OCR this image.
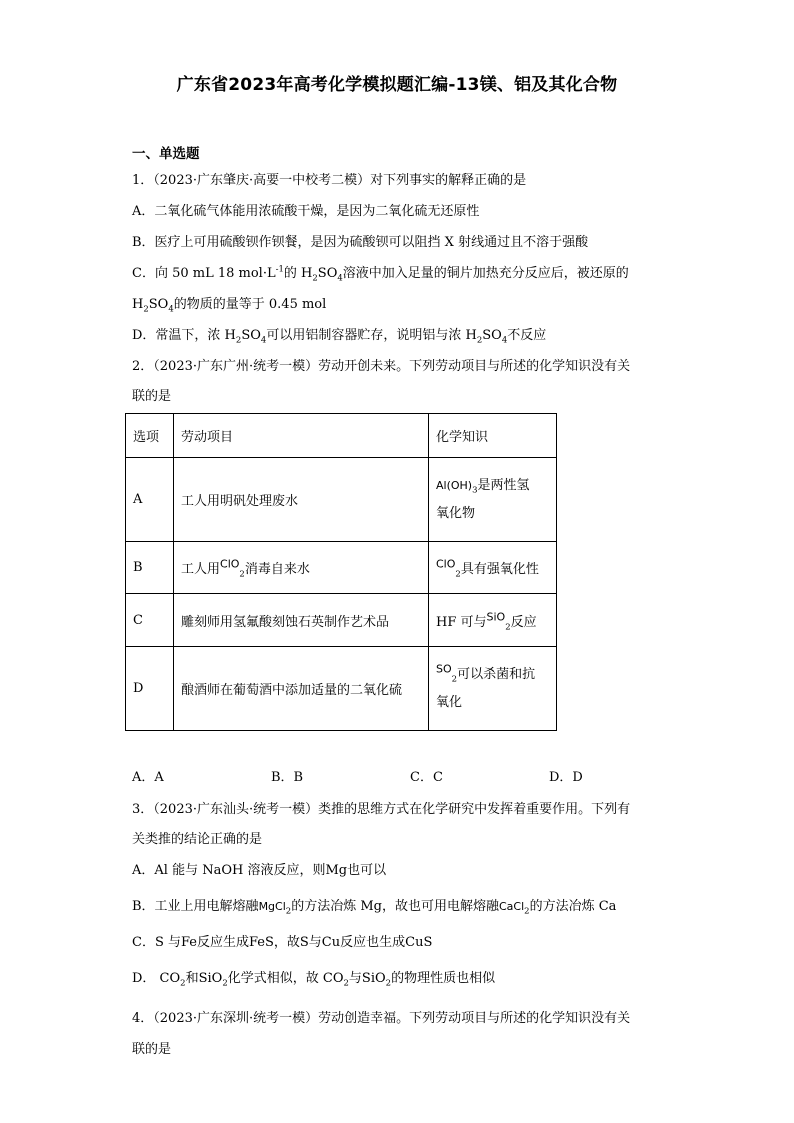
广东省2023年高考化学模拟题汇编-13镁、铝及其化合物
一、单选题
1．（2023·广东肇庆·高要一中校考二模）对下列事实的解释正确的是
A．二氧化硫气体能用浓硫酸干燥，是因为二氧化硫无还原性
B．医疗上可用硫酸钡作钡餐，是因为硫酸钡可以阻挡 X 射线通过且不溶于强酸
C．向 50 mL 18 $mol\cdot L^{-1}$的 $H_2SO_4$溶液中加入足量的铜片加热充分反应后，被还原的
$H_2SO_4$的物质的量等于 0.45 mol
D．常温下，浓 $H_2SO_4$可以用铝制容器贮存，说明铝与浓 $H_2SO_4$不反应
2．（2023·广东广州·统考一模）劳动开创未来。下列劳动项目与所述的化学知识没有关
联的是
选项	劳动项目	化学知识
A	工人用明矾处理废水	$Al(OH)_3$是两性氢
氧化物
B	工人用$^{ClO}_2$消毒自来水	$^{ClO}_2$具有强氧化性
C	雕刻师用氢氟酸刻蚀石英制作艺术品	HF 可与$^{SiO}_2$反应
D	酿酒师在葡萄酒中添加适量的二氧化硫	$^{SO}_2$可以杀菌和抗
氧化
A．A	B．B	C．C	D．D
3．（2023·广东汕头·统考一模）类推的思维方式在化学研究中发挥着重要作用。下列有
关类推的结论正确的是
A．Al 能与 NaOH 溶液反应，则Mg也可以
B．工业上用电解熔融MgCl$_2$的方法冶炼 Mg，故也可用电解熔融CaCl$_2$的方法冶炼 Ca
C．S 与Fe反应生成FeS，故S与Cu反应也生成CuS
D． $CO_2$和SiO$_2$化学式相似，故 $CO_2$与SiO$_2$的物理性质也相似
4．（2023·广东深圳·统考一模）劳动创造幸福。下列劳动项目与所述的化学知识没有关
联的是
